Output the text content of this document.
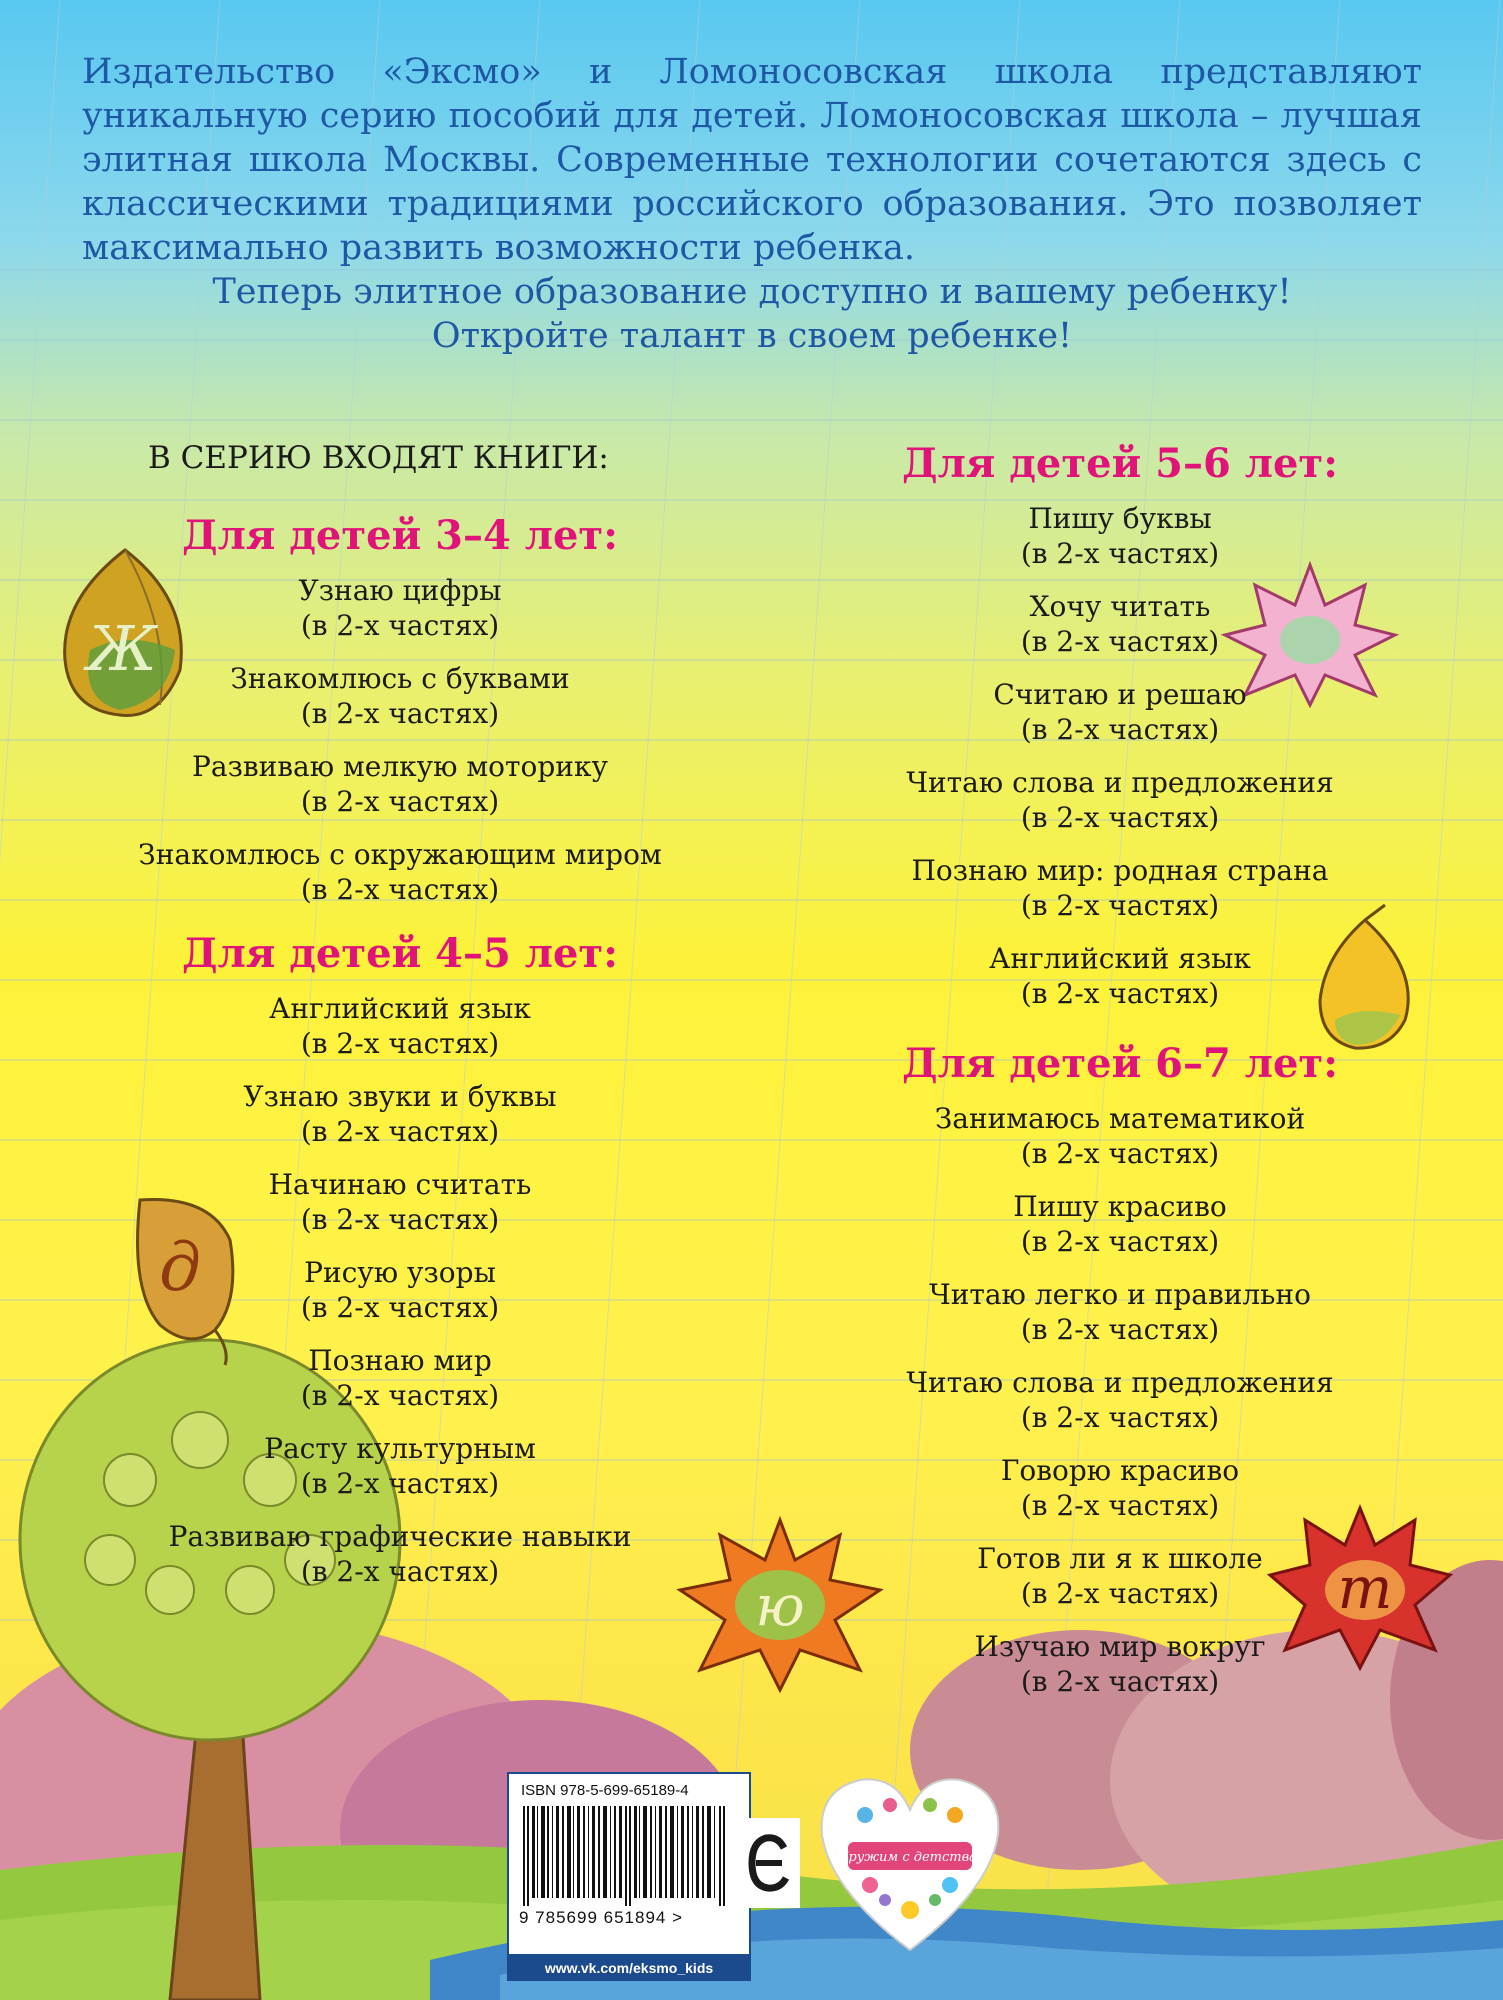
Ж
д
ю	т

Издательство «Эксмо» и Ломоносовская школа представляют уникальную серию пособий для детей. Ломоносовская школа – лучшая элитная школа Москвы. Современные технологии сочетаются здесь с классическими традициями российского образования. Это позволяет максимально развить возможности ребенка.

Теперь элитное образование доступно и вашему ребенку!

Откройте талант в своем ребенке!

В СЕРИЮ ВХОДЯТ КНИГИ:
Для детей 3–4 лет:
Узнаю цифры
(в 2-х частях)
Знакомлюсь с буквами
(в 2-х частях)
Развиваю мелкую моторику
(в 2-х частях)
Знакомлюсь с окружающим миром
(в 2-х частях)
Для детей 4–5 лет:
Английский язык
(в 2-х частях)
Узнаю звуки и буквы
(в 2-х частях)
Начинаю считать
(в 2-х частях)
Рисую узоры
(в 2-х частях)
Познаю мир
(в 2-х частях)
Расту культурным
(в 2-х частях)
Развиваю графические навыки
(в 2-х частях)
Для детей 5–6 лет:
Пишу буквы
(в 2-х частях)
Хочу читать
(в 2-х частях)
Считаю и решаю
(в 2-х частях)
Читаю слова и предложения
(в 2-х частях)
Познаю мир: родная страна
(в 2-х частях)
Английский язык
(в 2-х частях)
Для детей 6–7 лет:
Занимаюсь математикой
(в 2-х частях)
Пишу красиво
(в 2-х частях)
Читаю легко и правильно
(в 2-х частях)
Читаю слова и предложения
(в 2-х частях)
Говорю красиво
(в 2-х частях)
Готов ли я к школе
(в 2-х частях)
Изучаю мир вокруг
(в 2-х частях)
ISBN 978-5-699-65189-4
9 785699 651894 >
www.vk.com/eksmo_kids
Дружим с детства!
